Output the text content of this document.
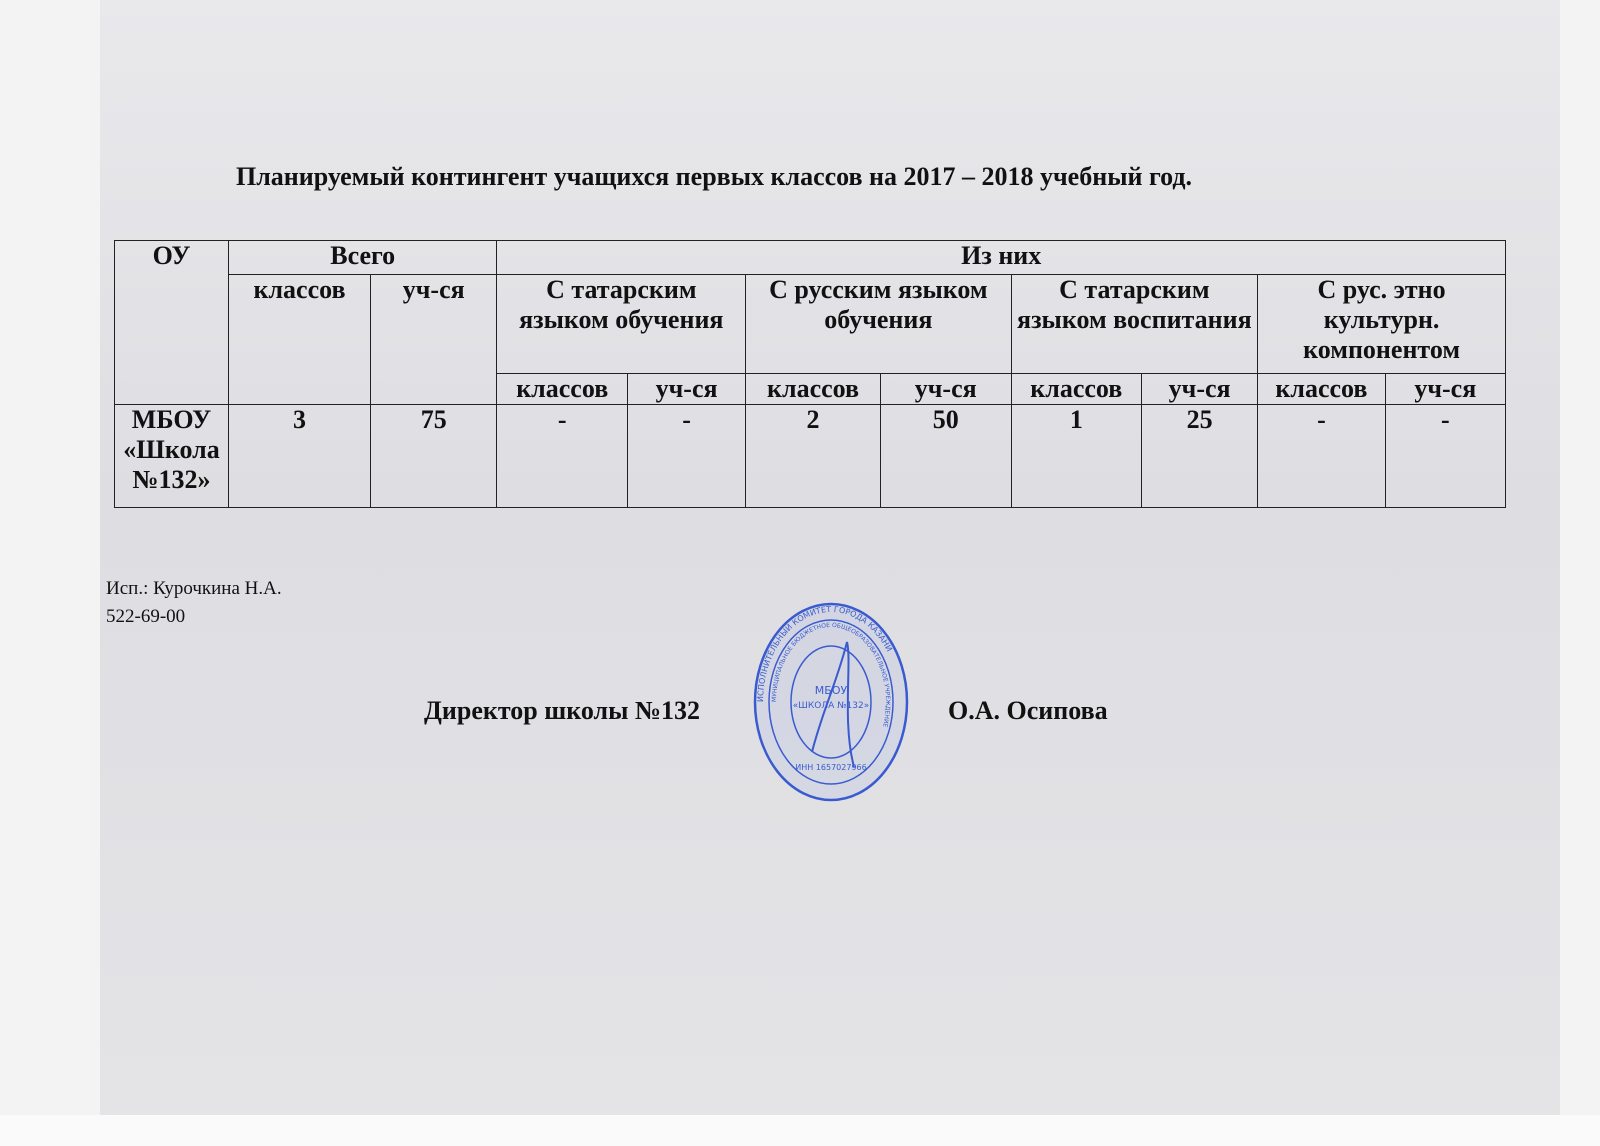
Планируемый контингент учащихся первых классов на 2017 – 2018 учебный год.
ОУ	Всего		Из них							
	классов	уч-ся	С татарским языком обучения		С русским языком обучения		С татарским языком воспитания		С рус. этно культурн. компонентом	
			классов	уч-ся	классов	уч-ся	классов	уч-ся	классов	уч-ся
МБОУ «Школа №132»	3	75	-	-	2	50	1	25	-	-
Исп.: Курочкина Н.А.
522-69-00
Директор школы №132	О.А. Осипова
ИСПОЛНИТЕЛЬНЫЙ КОМИТЕТ ГОРОДА КАЗАНИ
МУНИЦИПАЛЬНОЕ БЮДЖЕТНОЕ ОБЩЕОБРАЗОВАТЕЛЬНОЕ УЧРЕЖДЕНИЕ
МБОУ
«ШКОЛА №132»
ИНН 1657027966
